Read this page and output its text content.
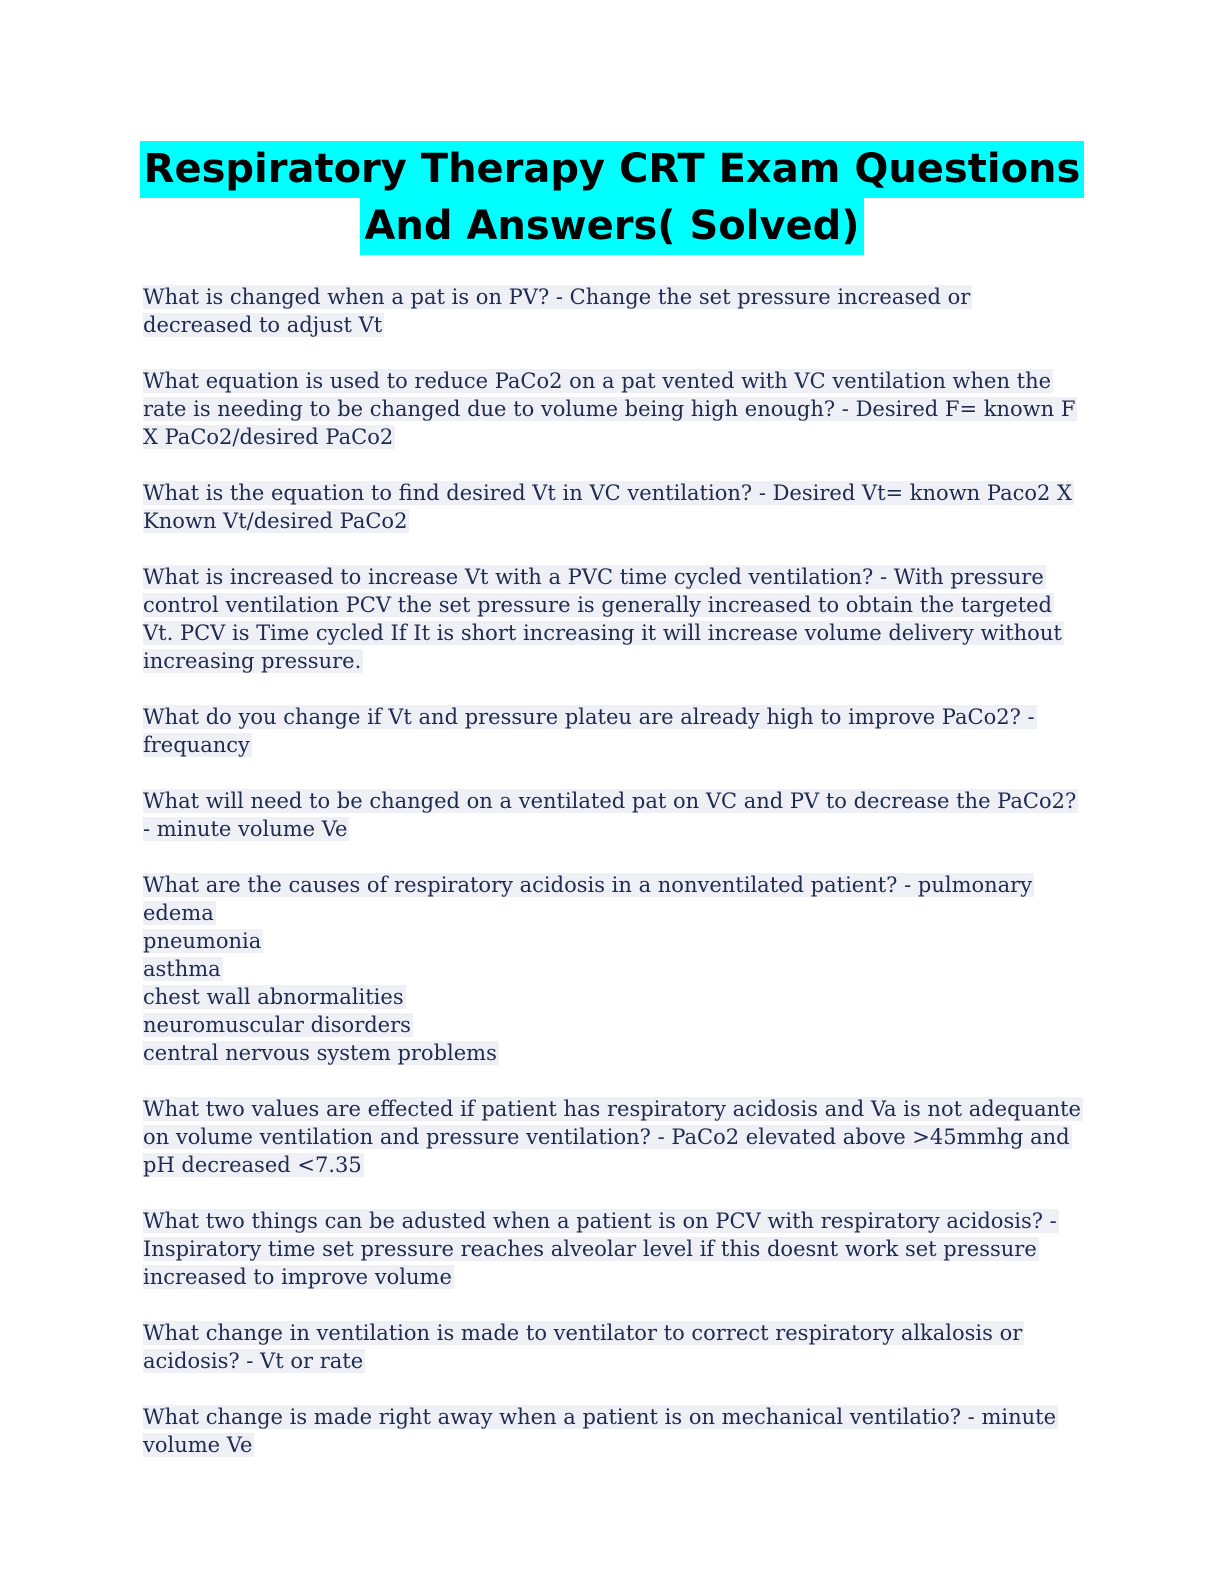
Respiratory Therapy CRT Exam Questions
And Answers( Solved)
What is changed when a pat is on PV? - Change the set pressure increased or decreased to adjust Vt
What equation is used to reduce PaCo2 on a pat vented with VC ventilation when the rate is needing to be changed due to volume being high enough? - Desired F= known F X PaCo2/desired PaCo2
What is the equation to find desired Vt in VC ventilation? - Desired Vt= known Paco2 X Known Vt/desired PaCo2
What is increased to increase Vt with a PVC time cycled ventilation? - With pressure control ventilation PCV the set pressure is generally increased to obtain the targeted Vt. PCV is Time cycled If It is short increasing it will increase volume delivery without increasing pressure.
What do you change if Vt and pressure plateu are already high to improve PaCo2? - frequancy
What will need to be changed on a ventilated pat on VC and PV to decrease the PaCo2? - minute volume Ve
What are the causes of respiratory acidosis in a nonventilated patient? - pulmonary edema
pneumonia
asthma
chest wall abnormalities
neuromuscular disorders
central nervous system problems
What two values are effected if patient has respiratory acidosis and Va is not adequante on volume ventilation and pressure ventilation? - PaCo2 elevated above >45mmhg and pH decreased <7.35
What two things can be adusted when a patient is on PCV with respiratory acidosis? - Inspiratory time set pressure reaches alveolar level if this doesnt work set pressure increased to improve volume
What change in ventilation is made to ventilator to correct respiratory alkalosis or acidosis? - Vt or rate
What change is made right away when a patient is on mechanical ventilatio? - minute volume Ve
